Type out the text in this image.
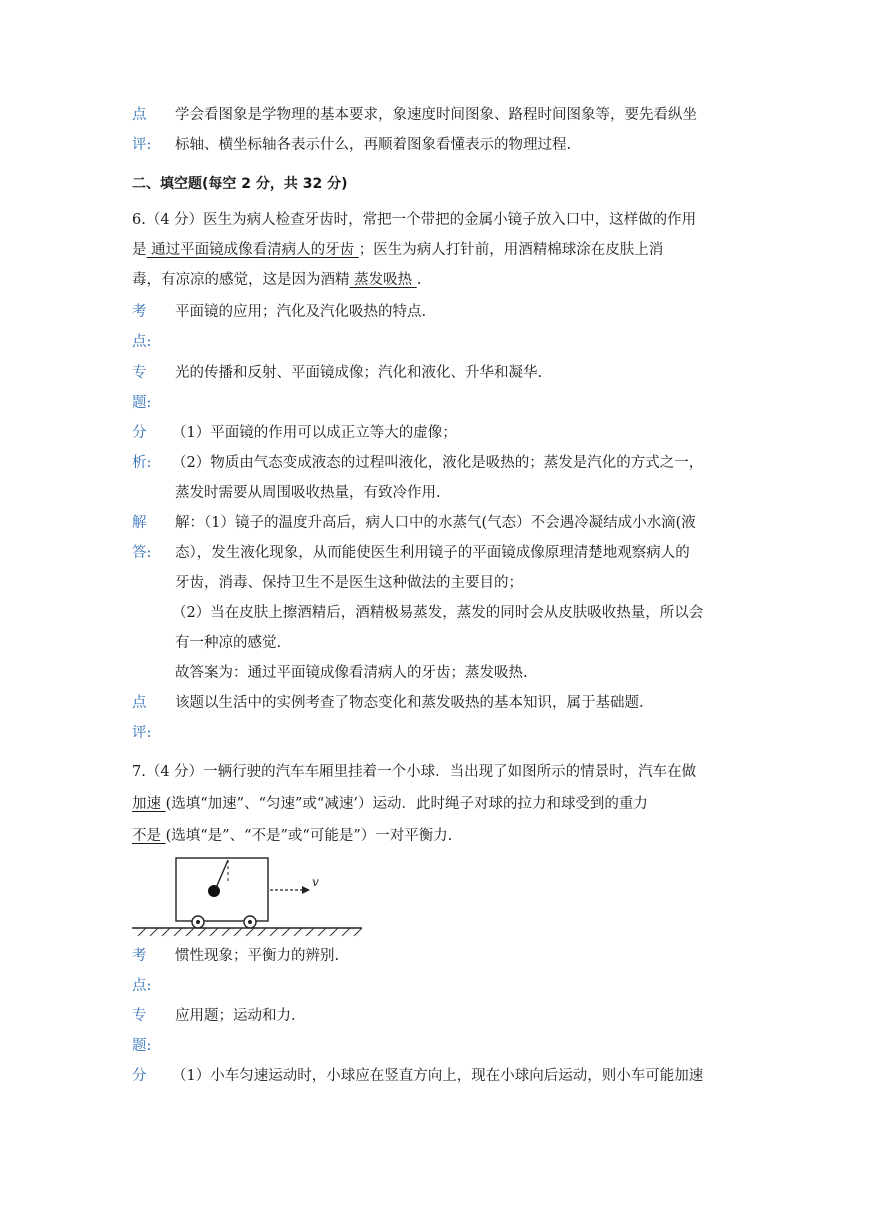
点 学会看图象是学物理的基本要求，象速度时间图象、路程时间图象等，要先看纵坐
评: 标轴、横坐标轴各表示什么，再顺着图象看懂表示的物理过程.
二、填空题(每空 2 分，共 32 分)
6.（4 分）医生为病人检查牙齿时，常把一个带把的金属小镜子放入口中，这样做的作用
是 通过平面镜成像看清病人的牙齿 ；医生为病人打针前，用酒精棉球涂在皮肤上消
毒，有凉凉的感觉，这是因为酒精 蒸发吸热 .
考 平面镜的应用；汽化及汽化吸热的特点.
点:
专 光的传播和反射、平面镜成像；汽化和液化、升华和凝华.
题:
分 （1）平面镜的作用可以成正立等大的虚像；
析: （2）物质由气态变成液态的过程叫液化，液化是吸热的；蒸发是汽化的方式之一，
蒸发时需要从周围吸收热量，有致冷作用.
解 解：（1）镜子的温度升高后，病人口中的水蒸气(气态）不会遇冷凝结成小水滴(液
答: 态），发生液化现象，从而能使医生利用镜子的平面镜成像原理清楚地观察病人的
牙齿，消毒、保持卫生不是医生这种做法的主要目的；
（2）当在皮肤上擦酒精后，酒精极易蒸发，蒸发的同时会从皮肤吸收热量，所以会
有一种凉的感觉.
故答案为：通过平面镜成像看清病人的牙齿；蒸发吸热.
点 该题以生活中的实例考查了物态变化和蒸发吸热的基本知识，属于基础题.
评:
7.（4 分）一辆行驶的汽车车厢里挂着一个小球．当出现了如图所示的情景时，汽车在做
加速 (选填“加速”、“匀速”或“减速’）运动．此时绳子对球的拉力和球受到的重力
不是 (选填“是”、“不是”或“可能是”）一对平衡力.
v
考 惯性现象；平衡力的辨别.
点:
专 应用题；运动和力.
题:
分 （1）小车匀速运动时，小球应在竖直方向上，现在小球向后运动，则小车可能加速
